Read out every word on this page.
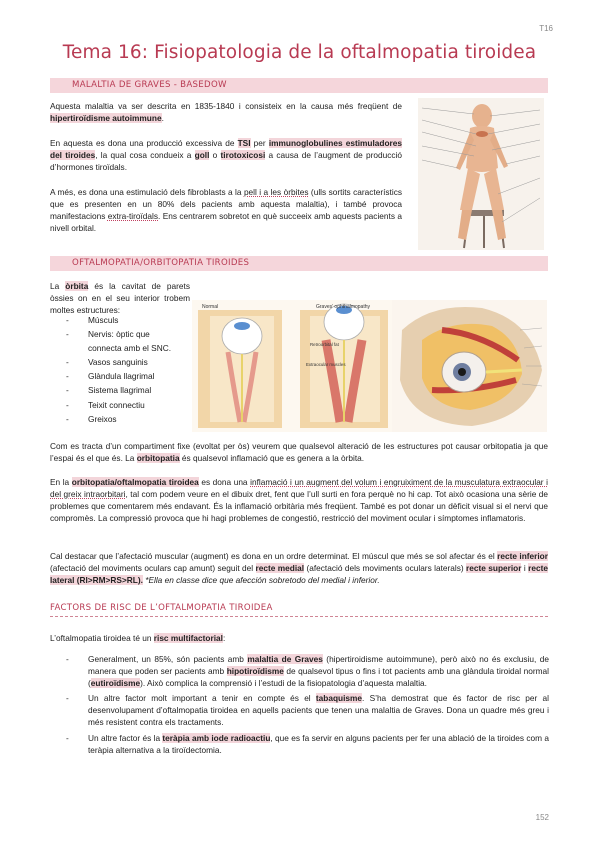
T16
Tema 16: Fisiopatologia de la oftalmopatia tiroidea
MALALTIA DE GRAVES - BASEDOW
Aquesta malaltia va ser descrita en 1835-1840 i consisteix en la causa més freqüent de hipertiroïdisme autoimmune.
En aquesta es dona una producció excessiva de TSI per immunoglobulines estimuladores del tiroides, la qual cosa condueix a goll o tirotoxicosi a causa de l’augment de producció d’hormones tiroïdals.
A més, es dona una estimulació dels fibroblasts a la pell i a les òrbites (ulls sortits característics que es presenten en un 80% dels pacients amb aquesta malaltia), i també provoca manifestacions extra-tiroïdals. Ens centrarem sobretot en què succeeix amb aquests pacients a nivell orbital.
OFTALMOPATIA/ORBITOPATIA TIROIDES
La òrbita és la cavitat de parets òssies on en el seu interior trobem moltes estructures:
- Músculs
- Nervis: òptic que connecta amb el SNC.
- Vasos sanguinis
- Glàndula llagrimal
- Sistema llagrimal
- Teixit connectiu
- Greixos
Normal	Graves’ ophthalmopathy
Retroorbital fat
Extraocular muscles
Com es tracta d’un compartiment fixe (evoltat per òs) veurem que qualsevol alteració de les estructures pot causar orbitopatia ja que l’espai és el que és. La orbitopatia és qualsevol inflamació que es genera a la òrbita.
En la orbitopatia/oftalmopatia tiroidea es dona una inflamació i un augment del volum i engruiximent de la musculatura extraocular i del greix intraorbitari, tal com podem veure en el dibuix dret, fent que l’ull surti en fora perquè no hi cap. Tot això ocasiona una sèrie de problemes que comentarem més endavant. És la inflamació orbitària més freqüent. També es pot donar un dèficit visual si el nervi que compromès. La compressió provoca que hi hagi problemes de congestió, restricció del moviment ocular i símptomes inflamatoris.
Cal destacar que l’afectació muscular (augment) es dona en un ordre determinat. El múscul que més se sol afectar és el recte inferior (afectació del moviments oculars cap amunt) seguit del recte medial (afectació dels moviments oculars laterals) recte superior i recte lateral (RI>RM>RS>RL). *Ella en classe dice que afección sobretodo del medial i inferior.
FACTORS DE RISC DE L’OFTALMOPATIA TIROIDEA
L’oftalmopatia tiroidea té un risc multifactorial:
- Generalment, un 85%, són pacients amb malaltia de Graves (hipertiroidisme autoimmune), però això no és exclusiu, de manera que poden ser pacients amb hipotiroïdisme de qualsevol tipus o fins i tot pacients amb una glàndula tiroidal normal (eutiroïdisme). Això complica la comprensió i l’estudi de la fisiopatologia d’aquesta malaltia.
- Un altre factor molt important a tenir en compte és el tabaquisme. S’ha demostrat que és factor de risc per al desenvolupament d’oftalmopatia tiroidea en aquells pacients que tenen una malaltia de Graves. Dona un quadre més greu i més resistent contra els tractaments.
- Un altre factor és la teràpia amb iode radioactiu, que es fa servir en alguns pacients per fer una ablació de la tiroides com a teràpia alternativa a la tiroïdectomia.
152
